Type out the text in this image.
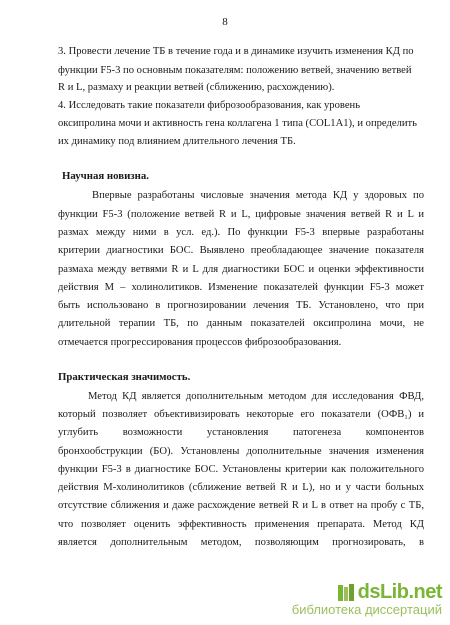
8
3. Провести лечение ТБ в течение года и в динамике изучить изменения КД по
функции F5-3 по основным показателям: положению ветвей, значению ветвей
R и L, размаху и реакции ветвей (сближению, расхождению).
4. Исследовать такие показатели фиброзообразования, как уровень
оксипролина мочи и активность гена коллагена 1 типа (COL1A1), и определить
их динамику под влиянием длительного лечения ТБ.
Научная новизна.
Впервые разработаны числовые значения метода КД у здоровых по
функции F5-3 (положение ветвей R и L, цифровые значения ветвей R и L и
размах между ними в усл. ед.). По функции F5-3 впервые разработаны
критерии диагностики БОС. Выявлено преобладающее значение показателя
размаха между ветвями R и L для диагностики БОС и оценки эффективности
действия М – холинолитиков. Изменение показателей функции F5-3 может
быть использовано в прогнозировании лечения ТБ. Установлено, что при
длительной терапии ТБ, по данным показателей оксипролина мочи, не
отмечается прогрессирования процессов фиброзообразования.
Практическая значимость.
Метод КД является дополнительным методом для исследования ФВД,
который позволяет объективизировать некоторые его показатели (ОФВ₁) и
углубить возможности установления патогенеза компонентов
бронхообструкции (БО). Установлены дополнительные значения изменения
функции F5-3 в диагностике БОС. Установлены критерии как положительного
действия М-холинолитиков (сближение ветвей R и L), но и у части больных
отсутствие сближения и даже расхождение ветвей R и L в ответ на пробу с ТБ,
что позволяет оценить эффективность применения препарата. Метод КД
является дополнительным методом, позволяющим прогнозировать, в
dsLib.net
библиотека диссертаций
